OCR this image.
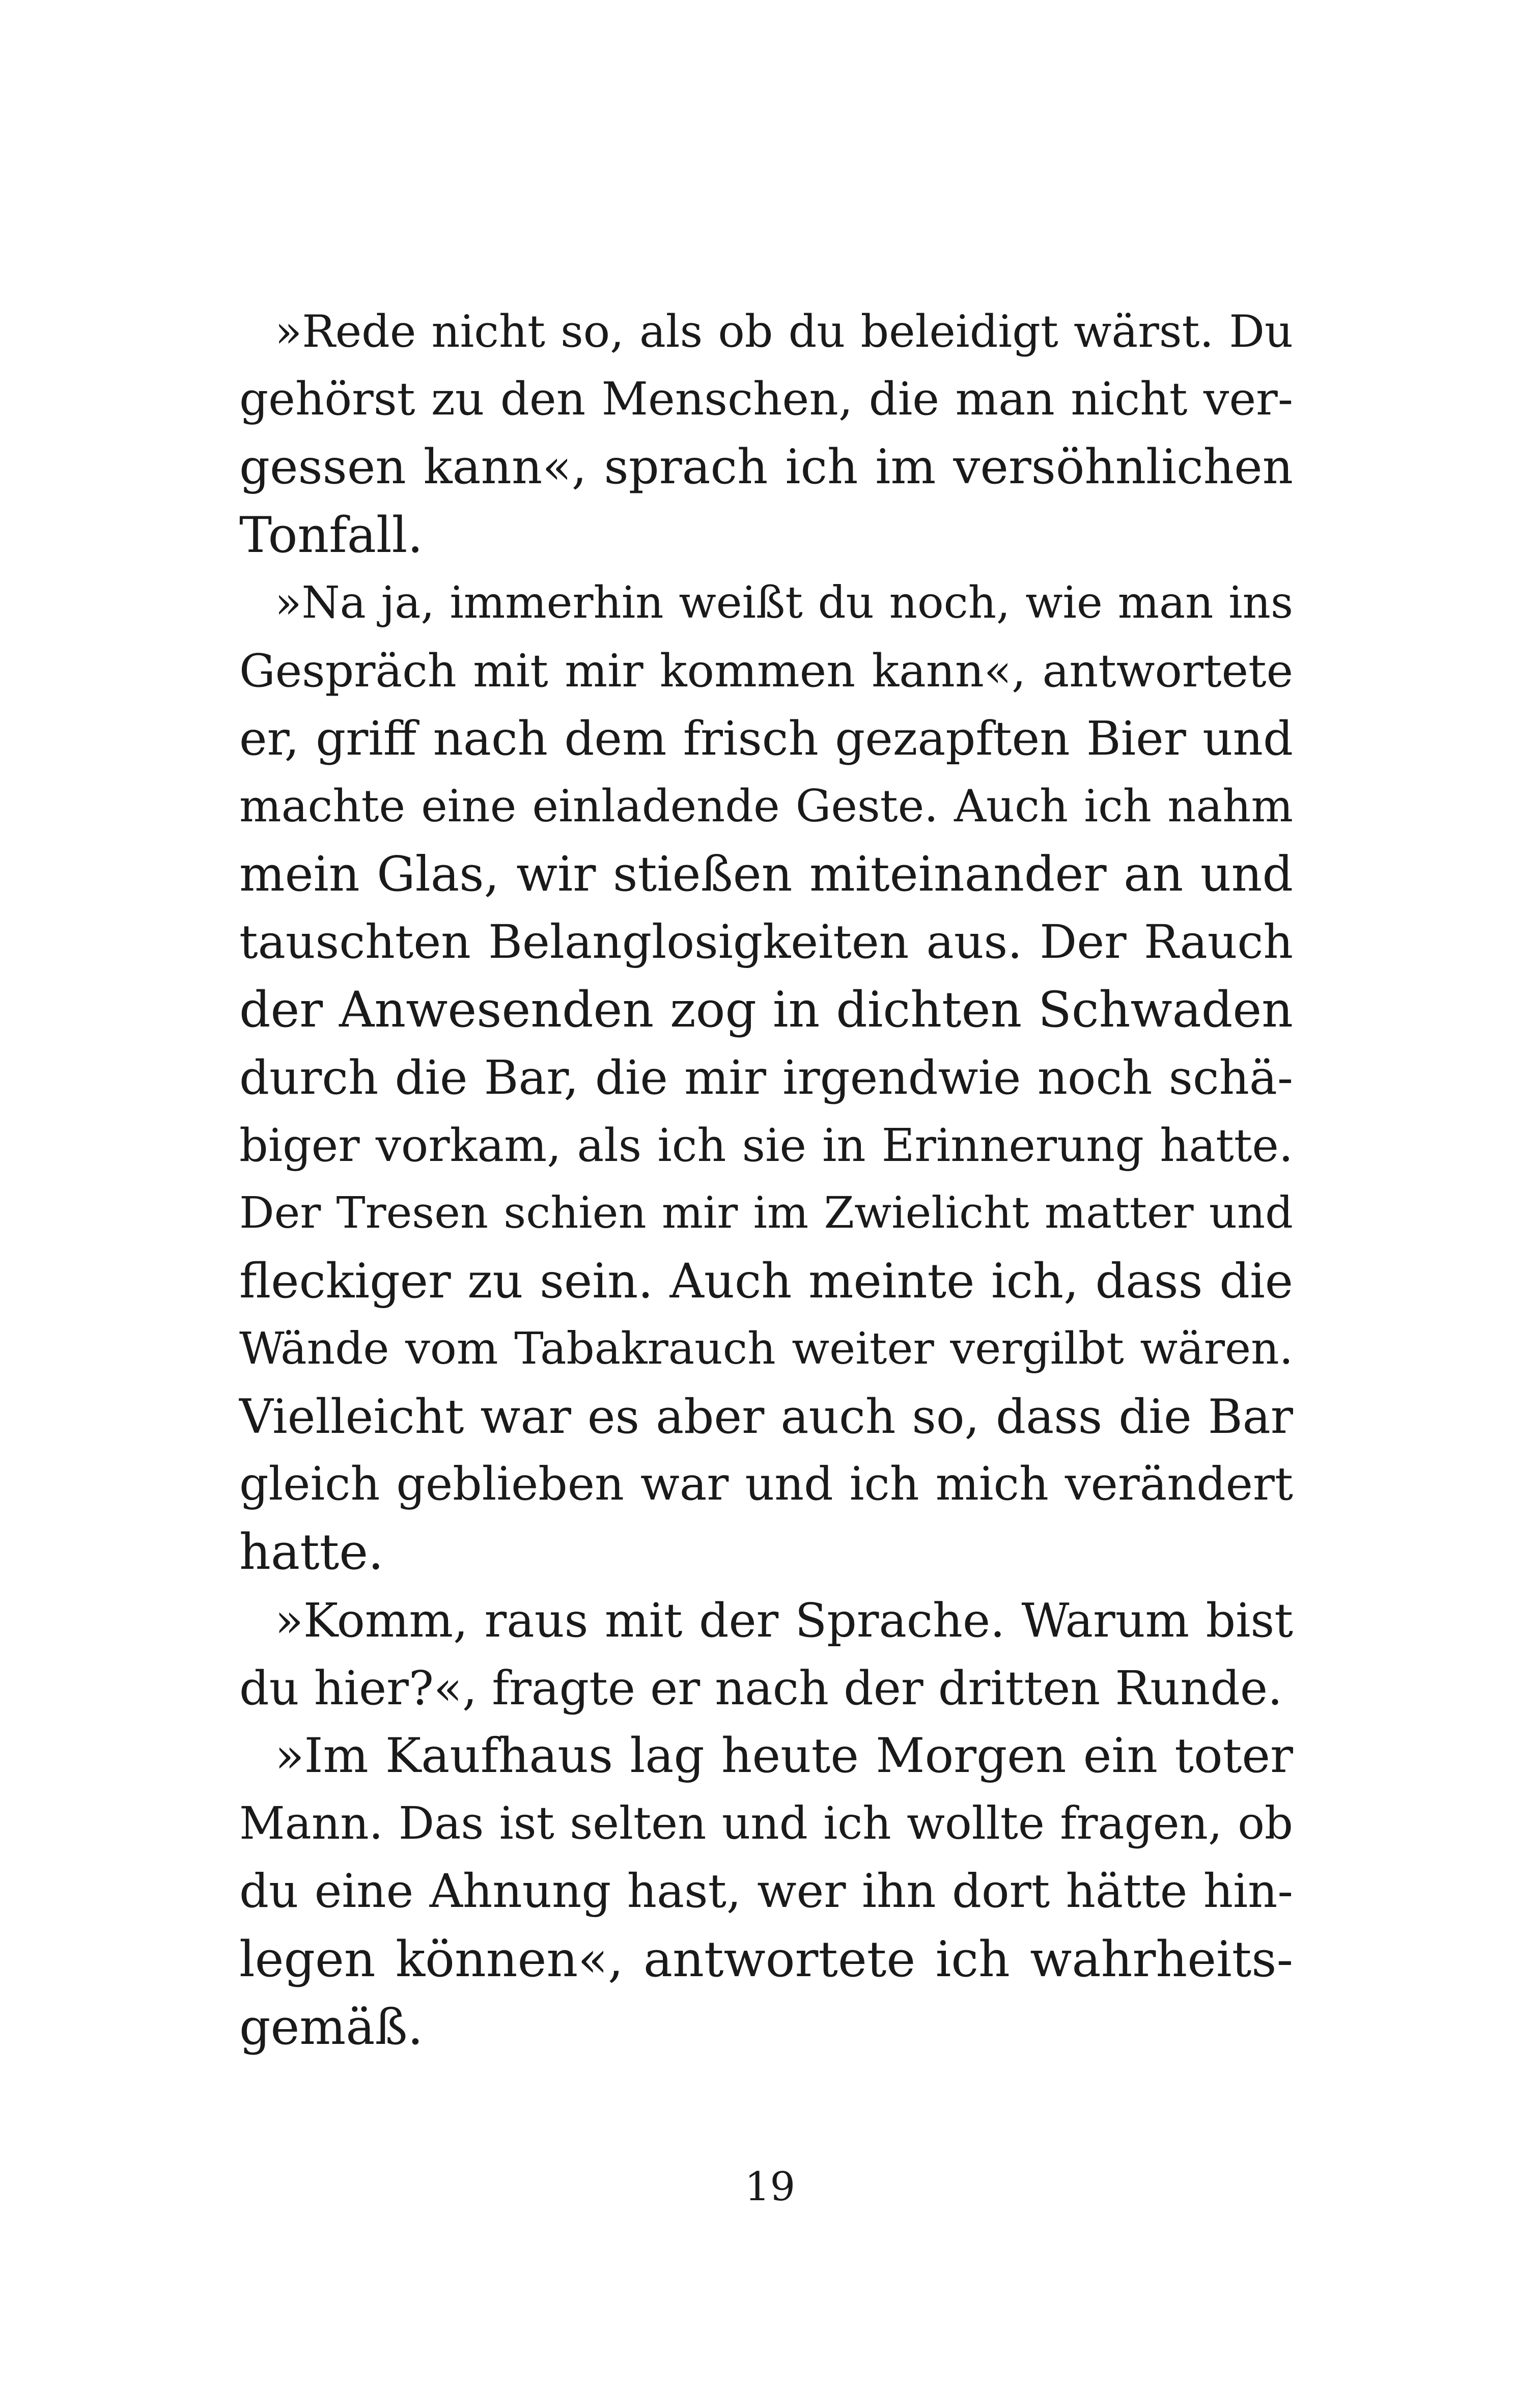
»Rede nicht so, als ob du beleidigt wärst. Du
gehörst zu den Menschen, die man nicht ver-
gessen kann«, sprach ich im versöhnlichen
Tonfall.
»Na ja, immerhin weißt du noch, wie man ins
Gespräch mit mir kommen kann«, antwortete
er, griff nach dem frisch gezapften Bier und
machte eine einladende Geste. Auch ich nahm
mein Glas, wir stießen miteinander an und
tauschten Belanglosigkeiten aus. Der Rauch
der Anwesenden zog in dichten Schwaden
durch die Bar, die mir irgendwie noch schä-
biger vorkam, als ich sie in Erinnerung hatte.
Der Tresen schien mir im Zwielicht matter und
fleckiger zu sein. Auch meinte ich, dass die
Wände vom Tabakrauch weiter vergilbt wären.
Vielleicht war es aber auch so, dass die Bar
gleich geblieben war und ich mich verändert
hatte.
»Komm, raus mit der Sprache. Warum bist
du hier?«, fragte er nach der dritten Runde.
»Im Kaufhaus lag heute Morgen ein toter
Mann. Das ist selten und ich wollte fragen, ob
du eine Ahnung hast, wer ihn dort hätte hin-
legen können«, antwortete ich wahrheits-
gemäß.
19
